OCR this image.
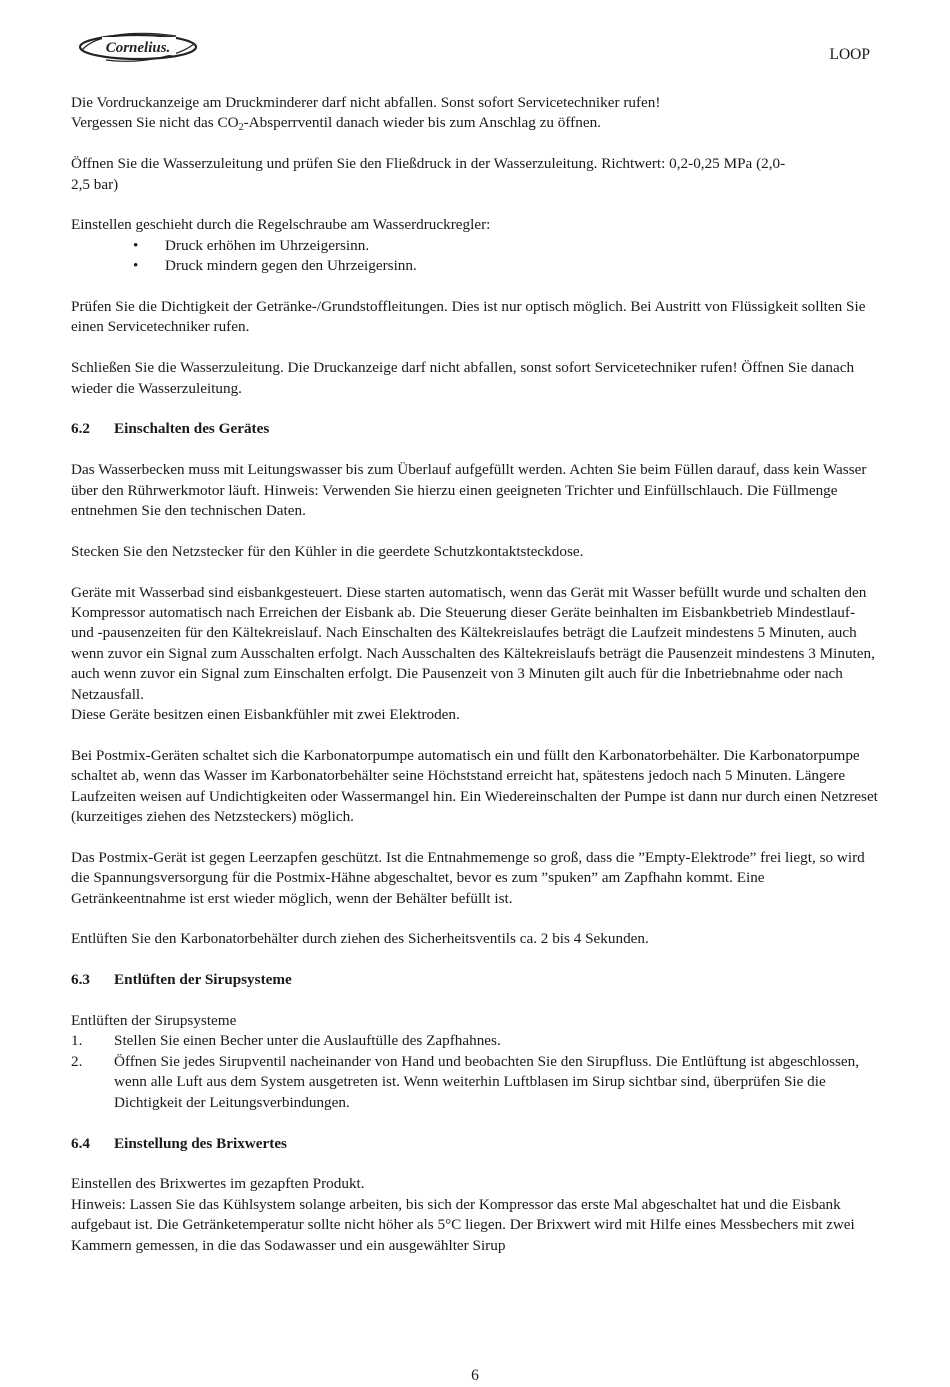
Cornelius.	LOOP

Die Vordruckanzeige am Druckminderer darf nicht abfallen. Sonst sofort Servicetechniker rufen!
Vergessen Sie nicht das $CO_2$-Absperrventil danach wieder bis zum Anschlag zu öffnen.

Öffnen Sie die Wasserzuleitung und prüfen Sie den Fließdruck in der Wasserzuleitung. Richtwert: 0,2-0,25 MPa (2,0-2,5 bar)

Einstellen geschieht durch die Regelschraube am Wasserdruckregler:

• Druck erhöhen im Uhrzeigersinn.
• Druck mindern gegen den Uhrzeigersinn.

Prüfen Sie die Dichtigkeit der Getränke-/Grundstoffleitungen. Dies ist nur optisch möglich. Bei Austritt von Flüssigkeit sollten Sie einen Servicetechniker rufen.

Schließen Sie die Wasserzuleitung. Die Druckanzeige darf nicht abfallen, sonst sofort Servicetechniker rufen! Öffnen Sie danach wieder die Wasserzuleitung.

6.2	Einschalten des Gerätes

Das Wasserbecken muss mit Leitungswasser bis zum Überlauf aufgefüllt werden. Achten Sie beim Füllen darauf, dass kein Wasser über den Rührwerkmotor läuft. Hinweis: Verwenden Sie hierzu einen geeigneten Trichter und Einfüllschlauch. Die Füllmenge entnehmen Sie den technischen Daten.

Stecken Sie den Netzstecker für den Kühler in die geerdete Schutzkontaktsteckdose.

Geräte mit Wasserbad sind eisbankgesteuert. Diese starten automatisch, wenn das Gerät mit Wasser befüllt wurde und schalten den Kompressor automatisch nach Erreichen der Eisbank ab. Die Steuerung dieser Geräte beinhalten im Eisbankbetrieb Mindestlauf- und -pausenzeiten für den Kältekreislauf. Nach Einschalten des Kältekreislaufes beträgt die Laufzeit mindestens 5 Minuten, auch wenn zuvor ein Signal zum Ausschalten erfolgt. Nach Ausschalten des Kältekreislaufs beträgt die Pausenzeit mindestens 3 Minuten, auch wenn zuvor ein Signal zum Einschalten erfolgt. Die Pausenzeit von 3 Minuten gilt auch für die Inbetriebnahme oder nach Netzausfall.

Diese Geräte besitzen einen Eisbankfühler mit zwei Elektroden.

Bei Postmix-Geräten schaltet sich die Karbonatorpumpe automatisch ein und füllt den Karbonatorbehälter. Die Karbonatorpumpe schaltet ab, wenn das Wasser im Karbonatorbehälter seine Höchststand erreicht hat, spätestens jedoch nach 5 Minuten. Längere Laufzeiten weisen auf Undichtigkeiten oder Wassermangel hin. Ein Wiedereinschalten der Pumpe ist dann nur durch einen Netzreset (kurzeitiges ziehen des Netzsteckers) möglich.

Das Postmix-Gerät ist gegen Leerzapfen geschützt. Ist die Entnahmemenge so groß, dass die ”Empty-Elektrode” frei liegt, so wird die Spannungsversorgung für die Postmix-Hähne abgeschaltet, bevor es zum ”spuken” am Zapfhahn kommt. Eine Getränkeentnahme ist erst wieder möglich, wenn der Behälter befüllt ist.

Entlüften Sie den Karbonatorbehälter durch ziehen des Sicherheitsventils ca. 2 bis 4 Sekunden.

6.3	Entlüften der Sirupsysteme

Entlüften der Sirupsysteme

1. Stellen Sie einen Becher unter die Auslauftülle des Zapfhahnes.
2. Öffnen Sie jedes Sirupventil nacheinander von Hand und beobachten Sie den Sirupfluss. Die Entlüftung ist abgeschlossen, wenn alle Luft aus dem System ausgetreten ist. Wenn weiterhin Luftblasen im Sirup sichtbar sind, überprüfen Sie die Dichtigkeit der Leitungsverbindungen.
6.4	Einstellung des Brixwertes

Einstellen des Brixwertes im gezapften Produkt.

Hinweis: Lassen Sie das Kühlsystem solange arbeiten, bis sich der Kompressor das erste Mal abgeschaltet hat und die Eisbank aufgebaut ist. Die Getränketemperatur sollte nicht höher als 5°C liegen. Der Brixwert wird mit Hilfe eines Messbechers mit zwei Kammern gemessen, in die das Sodawasser und ein ausgewählter Sirup

6
